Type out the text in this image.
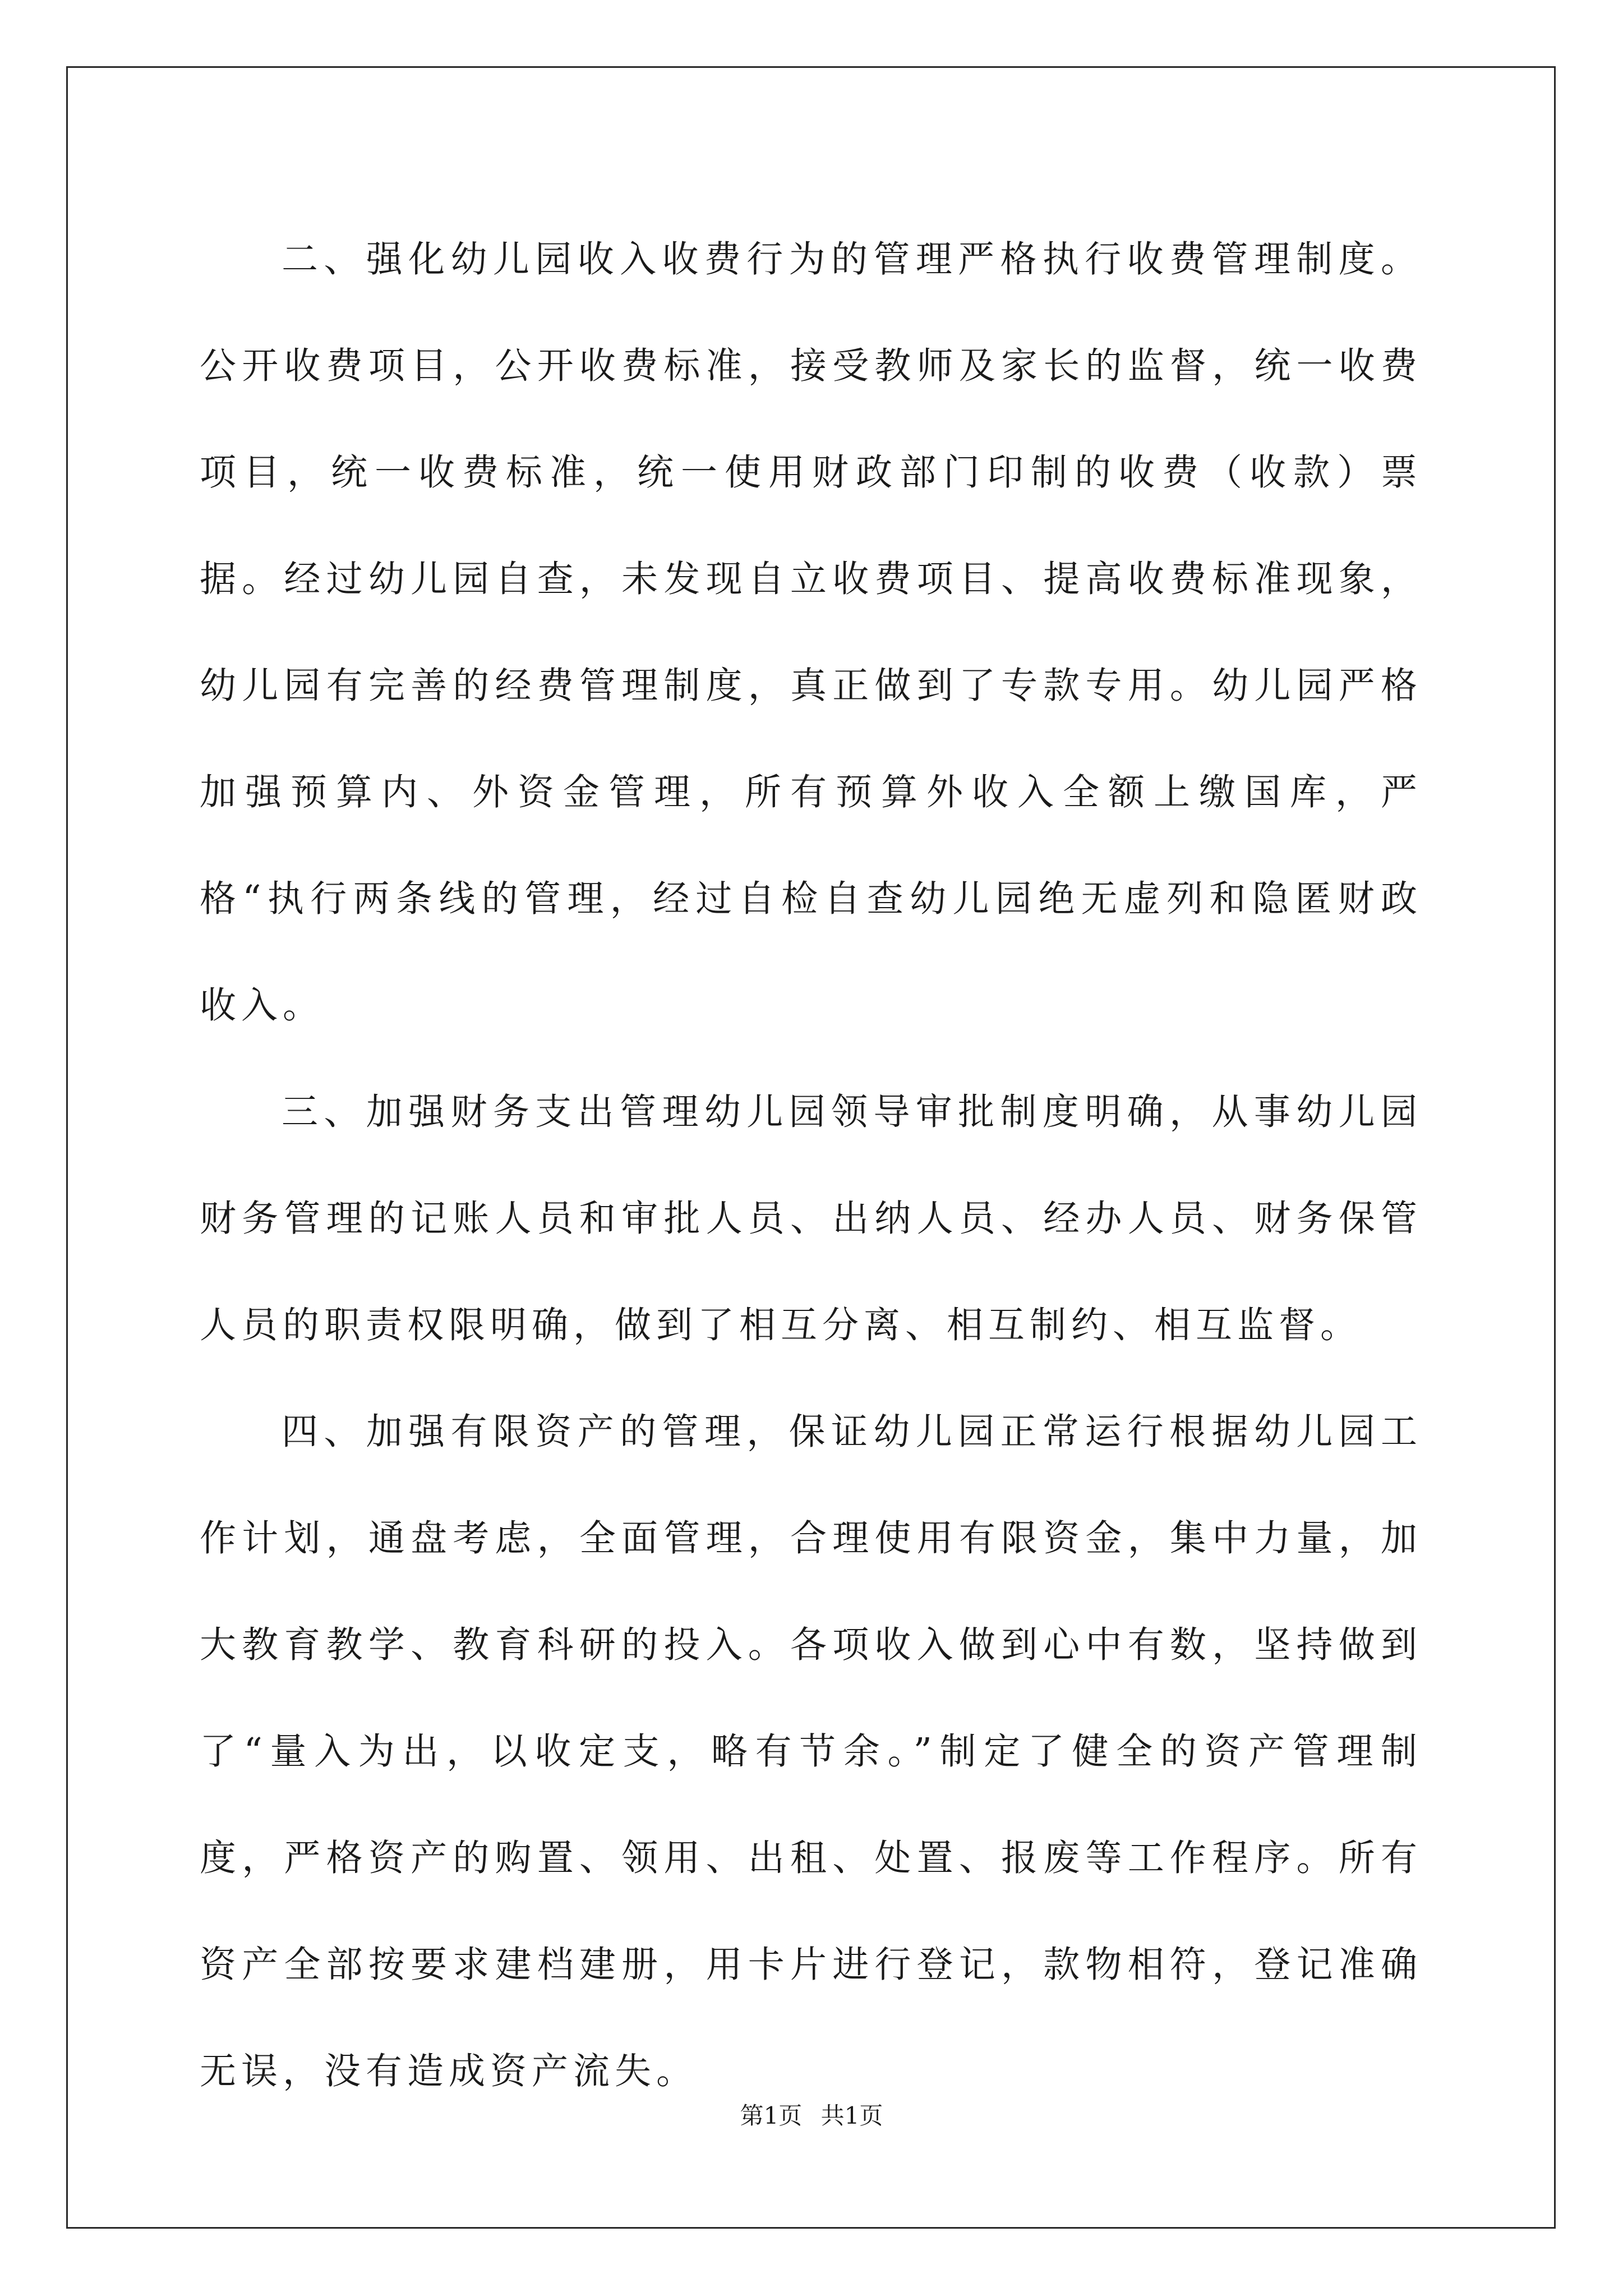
二、强化幼儿园收入收费行为的管理严格执行收费管理制度。公开收费项目，公开收费标准，接受教师及家长的监督，统一收费项目，统一收费标准，统一使用财政部门印制的收费（收款）票据。经过幼儿园自查，未发现自立收费项目、提高收费标准现象，幼儿园有完善的经费管理制度，真正做到了专款专用。幼儿园严格加强预算内、外资金管理，所有预算外收入全额上缴国库，严格“执行两条线的管理，经过自检自查幼儿园绝无虚列和隐匿财政收入。

三、加强财务支出管理幼儿园领导审批制度明确，从事幼儿园财务管理的记账人员和审批人员、出纳人员、经办人员、财务保管人员的职责权限明确，做到了相互分离、相互制约、相互监督。

四、加强有限资产的管理，保证幼儿园正常运行根据幼儿园工作计划，通盘考虑，全面管理，合理使用有限资金，集中力量，加大教育教学、教育科研的投入。各项收入做到心中有数，坚持做到了“量入为出，以收定支，略有节余。”制定了健全的资产管理制度，严格资产的购置、领用、出租、处置、报废等工作程序。所有资产全部按要求建档建册，用卡片进行登记，款物相符，登记准确无误，没有造成资产流失。

第1页 共1页
